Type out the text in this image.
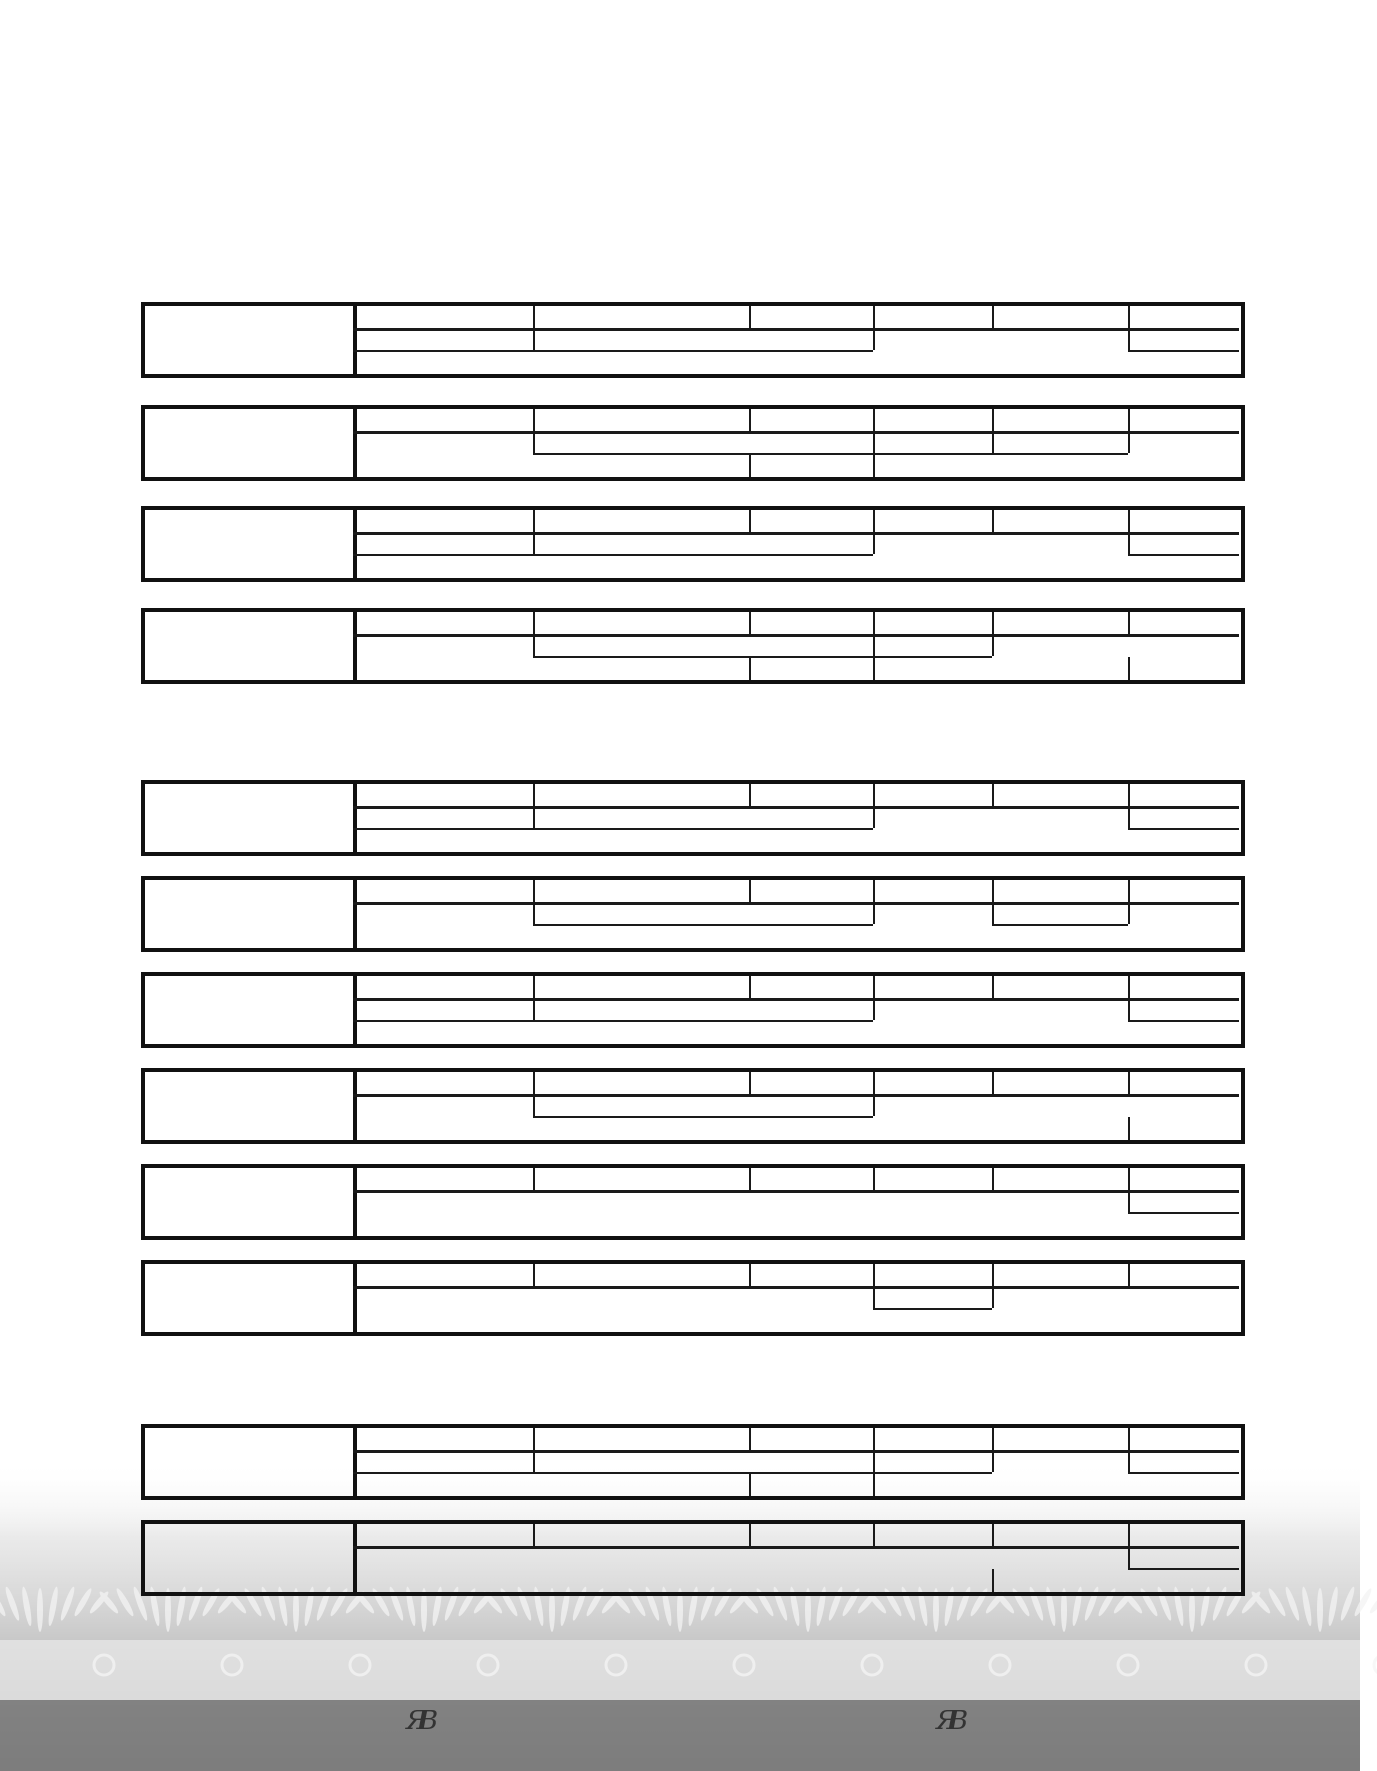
ЯB	ЯB
